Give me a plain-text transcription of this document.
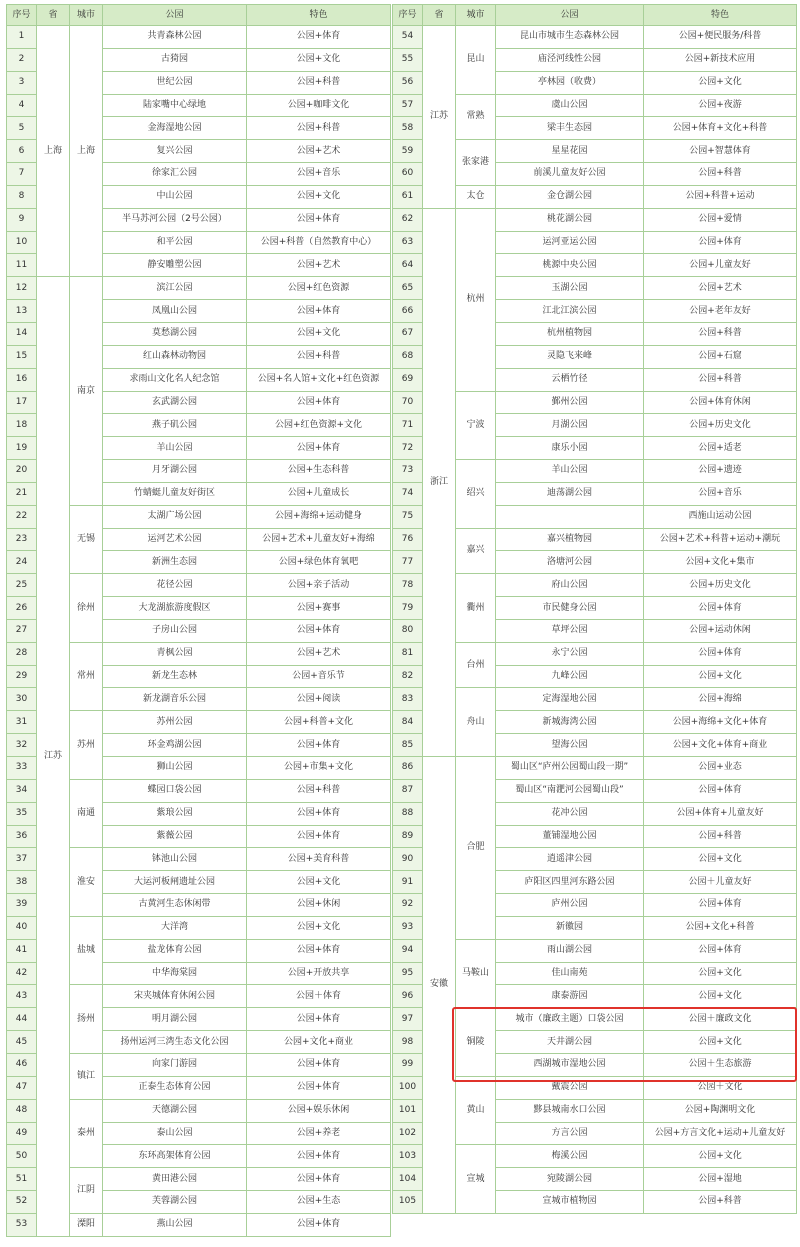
序号	省	城市	公园	特色
1	上海	上海	共青森林公园	公园+体育
2			古猗园	公园+文化
3			世纪公园	公园+科普
4			陆家嘴中心绿地	公园+咖啡文化
5			金海湿地公园	公园+科普
6			复兴公园	公园+艺术
7			徐家汇公园	公园+音乐
8			中山公园	公园+文化
9			半马苏河公园（2号公园）	公园+体育
10			和平公园	公园+科普（自然教育中心）
11			静安雕塑公园	公园+艺术
12	江苏	南京	滨江公园	公园+红色资源
13			凤凰山公园	公园+体育
14			莫愁湖公园	公园+文化
15			红山森林动物园	公园+科普
16			求雨山文化名人纪念馆	公园+名人馆+文化+红色资源
17			玄武湖公园	公园+体育
18			燕子矶公园	公园+红色资源+文化
19			羊山公园	公园+体育
20			月牙湖公园	公园+生态科普
21			竹蜻蜓儿童友好街区	公园+儿童成长
22		无锡	太湖广场公园	公园+海绵+运动健身
23			运河艺术公园	公园+艺术+儿童友好+海绵
24			新洲生态园	公园+绿色体育氧吧
25		徐州	花径公园	公园+亲子活动
26			大龙湖旅游度假区	公园+赛事
27			子房山公园	公园+体育
28		常州	青枫公园	公园+艺术
29			新龙生态林	公园+音乐节
30			新龙湖音乐公园	公园+阅读
31		苏州	苏州公园	公园+科普+文化
32			环金鸡湖公园	公园+体育
33			狮山公园	公园+市集+文化
34		南通	蝶园口袋公园	公园+科普
35			紫琅公园	公园+体育
36			紫薇公园	公园+体育
37		淮安	钵池山公园	公园+美育科普
38			大运河板闸遗址公园	公园+文化
39			古黄河生态休闲带	公园+休闲
40		盐城	大洋湾	公园+文化
41			盐龙体育公园	公园+体育
42			中华海棠园	公园+开放共享
43		扬州	宋夹城体育休闲公园	公园＋体育
44			明月湖公园	公园+体育
45			扬州运河三湾生态文化公园	公园+文化+商业
46		镇江	向家门游园	公园+体育
47			正泰生态体育公园	公园+体育
48		泰州	天德湖公园	公园+娱乐休闲
49			泰山公园	公园+养老
50			东环高架体育公园	公园+体育
51		江阴	黄田港公园	公园+体育
52			芙蓉湖公园	公园+生态
53		溧阳	燕山公园	公园+体育
序号	省	城市	公园	特色	
54	江苏	昆山	昆山市城市生态森林公园	公园+便民服务/科普	
55			庙泾河线性公园	公园+新技术应用	
56			亭林园（收费）	公园+文化	
57		常熟	虞山公园	公园+夜游	
58			梁丰生态园	公园+体育+文化+科普	
59		张家港	星星花园	公园+智慧体育	
60			前溪儿童友好公园	公园+科普	
61		太仓	金仓湖公园	公园+科普+运动	
62	浙江	杭州	桃花湖公园	公园+爱情	
63			运河亚运公园	公园+体育	
64			桃源中央公园	公园+儿童友好	
65			玉湖公园	公园+艺术	
66			江北江滨公园	公园+老年友好	
67			杭州植物园	公园+科普	
68			灵隐飞来峰	公园+石窟	
69			云栖竹径	公园+科普	
70		宁波	鄞州公园	公园+体育休闲	
71			月湖公园	公园+历史文化	
72			康乐小园	公园+适老	
73		绍兴	羊山公园	公园+遗迹	
74			迪荡湖公园	公园+音乐	
75				西施山运动公园	
76		嘉兴	嘉兴植物园	公园+艺术+科普+运动+潮玩	
77			洛塘河公园	公园+文化+集市	
78		衢州	府山公园	公园+历史文化	
79			市民健身公园	公园+体育	
80			草坪公园	公园+运动休闲	
81		台州	永宁公园	公园+体育	
82			九峰公园	公园+文化	
83		舟山	定海湿地公园	公园+海绵	
84			新城海湾公园	公园+海绵+文化+体育	
85			望海公园	公园+文化+体育+商业	
86	安徽	合肥	蜀山区“庐州公园蜀山段一期”	公园+业态	
87			蜀山区“南淝河公园蜀山段”	公园+体育	
88			花冲公园	公园+体育+儿童友好	
89			董铺湿地公园	公园+科普	
90			逍遥津公园	公园+文化	
91			庐阳区四里河东路公园	公园＋儿童友好	
92			庐州公园	公园+体育	
93			新徽园	公园+文化+科普	
94		马鞍山	雨山湖公园	公园+体育	
95			佳山南苑	公园+文化	
96			康泰游园	公园+文化	
97		铜陵	城市（廉政主题）口袋公园	公园＋廉政文化	
98			天井湖公园	公园+文化	
99			西湖城市湿地公园	公园＋生态旅游	
100		黄山	戴震公园	公园＋文化	
101			黟县城南水口公园	公园+陶渊明文化	
102			方言公园	公园+方言文化+运动+儿童友好	
103		宣城	梅溪公园	公园+文化	
104			宛陵湖公园	公园+湿地	
105			宣城市植物园	公园+科普	
